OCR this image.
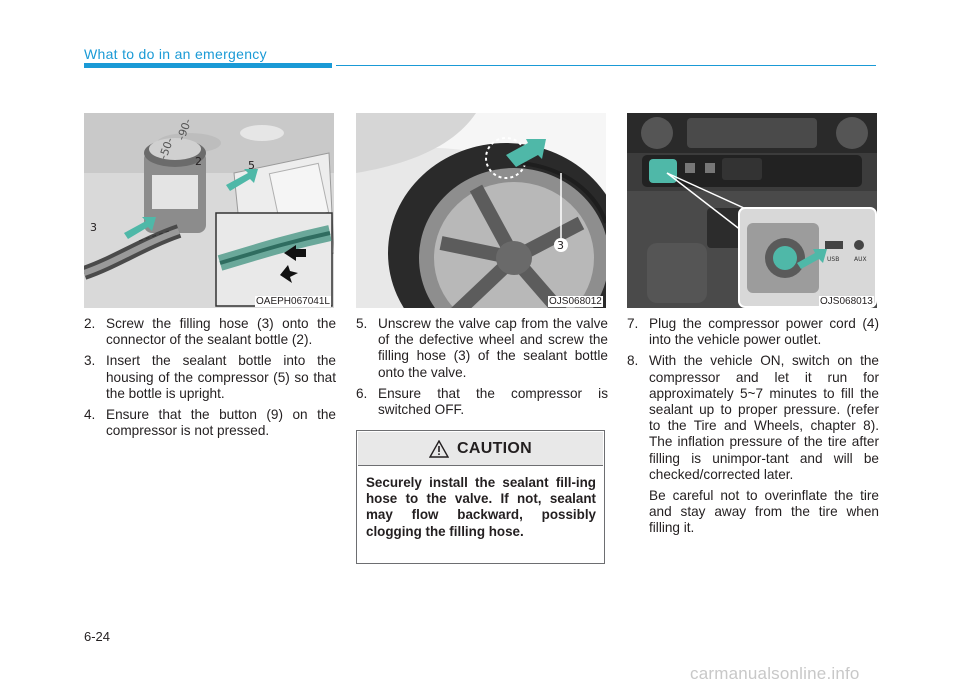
What to do in an emergency
-90-
-50-
3
2	5
OAEPH067041L
3
OJS068012
USB AUX
OJS068013
2. Screw the filling hose (3) onto the connector of the sealant bottle (2).
3. Insert the sealant bottle into the housing of the compressor (5) so that the bottle is upright.
4. Ensure that the button (9) on the compressor is not pressed.
5. Unscrew the valve cap from the valve of the defective wheel and screw the filling hose (3) of the sealant bottle onto the valve.
6. Ensure that the compressor is switched OFF.
CAUTION
Securely install the sealant fill-ing hose to the valve. If not, sealant may flow backward, possibly clogging the filling hose.
7. Plug the compressor power cord (4) into the vehicle power outlet.
8. With the vehicle ON, switch on the compressor and let it run for approximately 5~7 minutes to fill the sealant up to proper pressure. (refer to the Tire and Wheels, chapter 8). The inflation pressure of the tire after filling is unimpor-tant and will be checked/corrected later.
Be careful not to overinflate the tire and stay away from the tire when filling it.
6-24
carmanualsonline.info
